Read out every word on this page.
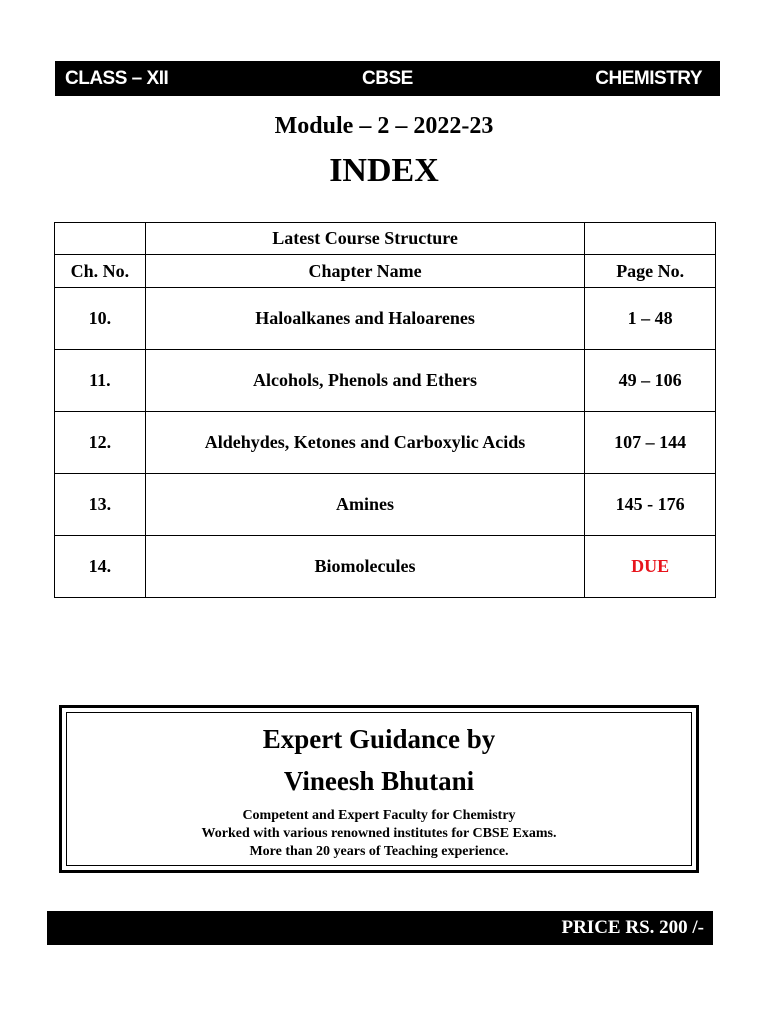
CLASS – XII	CBSE	CHEMISTRY
Module – 2 – 2022-23
INDEX
	Latest Course Structure	
Ch. No.	Chapter Name	Page No.
10.	Haloalkanes and Haloarenes	1 – 48
11.	Alcohols, Phenols and Ethers	49 – 106
12.	Aldehydes, Ketones and Carboxylic Acids	107 – 144
13.	Amines	145 - 176
14.	Biomolecules	DUE
Expert Guidance by
Vineesh Bhutani
Competent and Expert Faculty for Chemistry
Worked with various renowned institutes for CBSE Exams.
More than 20 years of Teaching experience.
PRICE RS. 200 /-
